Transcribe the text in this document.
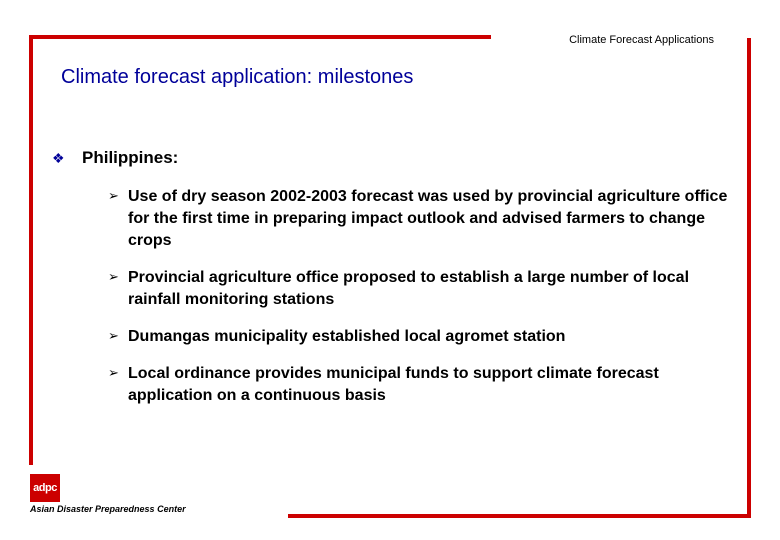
Climate Forecast Applications
Climate forecast application: milestones
❖	Philippines:
➢ Use of dry season 2002-2003 forecast was used by provincial agriculture office for the first time in preparing impact outlook and advised farmers to change crops
➢ Provincial agriculture office proposed to establish a large number of local rainfall monitoring stations
➢ Dumangas municipality established local agromet station
➢ Local ordinance provides municipal funds to support climate forecast application on a continuous basis
adpc
Asian Disaster Preparedness Center
